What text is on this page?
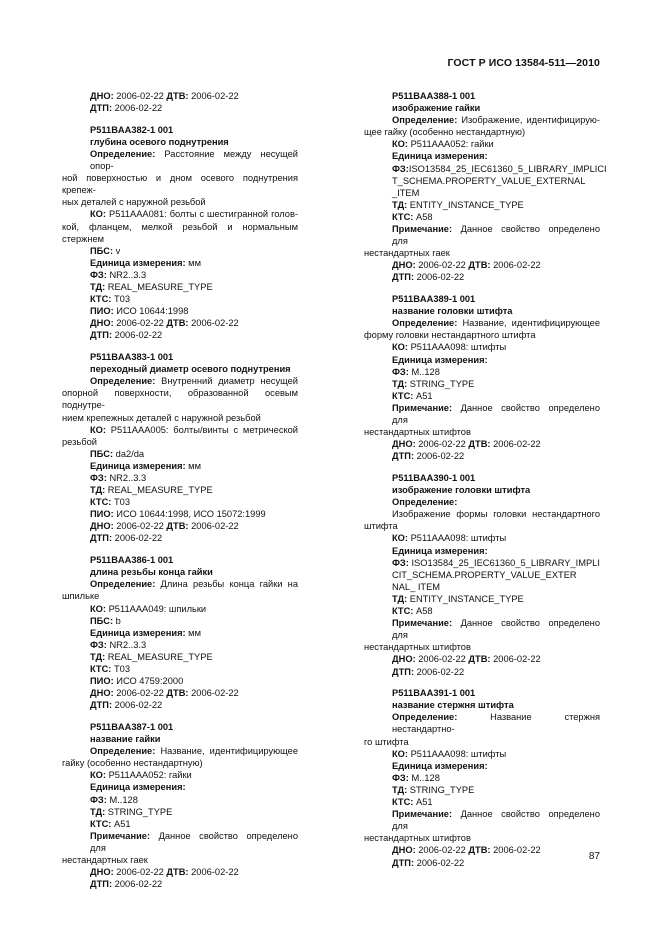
ГОСТ Р ИСО 13584-511—2010
ДНО: 2006-02-22 ДТВ: 2006-02-22
ДТП: 2006-02-22
P511BAA382-1 001
глубина осевого поднутрения
Определение: Расстояние между несущей опор-
ной поверхностью и дном осевого поднутрения крепеж-
ных деталей с наружной резьбой
КО: P511AAA081: болты с шестигранной голов-
кой, фланцем, мелкой резьбой и нормальным стержнем
ПБС: v
Единица измерения: мм
ФЗ: NR2..3.3
ТД: REAL_MEASURE_TYPE
КТС: T03
ПИО: ИСО 10644:1998
ДНО: 2006-02-22 ДТВ: 2006-02-22
ДТП: 2006-02-22
P511BAA383-1 001
переходный диаметр осевого поднутрения
Определение: Внутренний диаметр несущей
опорной поверхности, образованной осевым поднутре-
нием крепежных деталей с наружной резьбой
КО: P511AAA005: болты/винты с метрической
резьбой
ПБС: da2/da
Единица измерения: мм
ФЗ: NR2..3.3
ТД: REAL_MEASURE_TYPE
КТС: T03
ПИО: ИСО 10644:1998, ИСО 15072:1999
ДНО: 2006-02-22 ДТВ: 2006-02-22
ДТП: 2006-02-22
P511BAA386-1 001
длина резьбы конца гайки
Определение: Длина резьбы конца гайки на
шпильке
КО: P511AAA049: шпильки
ПБС: b
Единица измерения: мм
ФЗ: NR2..3.3
ТД: REAL_MEASURE_TYPE
КТС: T03
ПИО: ИСО 4759:2000
ДНО: 2006-02-22 ДТВ: 2006-02-22
ДТП: 2006-02-22
P511BAA387-1 001
название гайки
Определение: Название, идентифицирующее
гайку (особенно нестандартную)
КО: P511AAA052: гайки
Единица измерения:
ФЗ: M..128
ТД: STRING_TYPE
КТС: A51
Примечание: Данное свойство определено для
нестандартных гаек
ДНО: 2006-02-22 ДТВ: 2006-02-22
ДТП: 2006-02-22
P511BAA388-1 001
изображение гайки
Определение: Изображение, идентифицирую-
щее гайку (особенно нестандартную)
КО: P511AAA052: гайки
Единица измерения:
ФЗ:ISO13584_25_IEC61360_5_LIBRARY_IMPLICI
T_SCHEMA.PROPERTY_VALUE_EXTERNAL
_ITEM
ТД: ENTITY_INSTANCE_TYPE
КТС: A58
Примечание: Данное свойство определено для
нестандартных гаек
ДНО: 2006-02-22 ДТВ: 2006-02-22
ДТП: 2006-02-22
P511BAA389-1 001
название головки штифта
Определение: Название, идентифицирующее
форму головки нестандартного штифта
КО: P511AAA098: штифты
Единица измерения:
ФЗ: M..128
ТД: STRING_TYPE
КТС: A51
Примечание: Данное свойство определено для
нестандартных штифтов
ДНО: 2006-02-22 ДТВ: 2006-02-22
ДТП: 2006-02-22
P511BAA390-1 001
изображение головки штифта
Определение:
Изображение формы головки нестандартного
штифта
КО: P511AAA098: штифты
Единица измерения:
ФЗ: ISO13584_25_IEC61360_5_LIBRARY_IMPLI
CIT_SCHEMA.PROPERTY_VALUE_EXTER
NAL_ ITEM
ТД: ENTITY_INSTANCE_TYPE
КТС: A58
Примечание: Данное свойство определено для
нестандартных штифтов
ДНО: 2006-02-22 ДТВ: 2006-02-22
ДТП: 2006-02-22
P511BAA391-1 001
название стержня штифта
Определение: Название стержня нестандартно-
го штифта
КО: P511AAA098: штифты
Единица измерения:
ФЗ: M..128
ТД: STRING_TYPE
КТС: A51
Примечание: Данное свойство определено для
нестандартных штифтов
ДНО: 2006-02-22 ДТВ: 2006-02-22
ДТП: 2006-02-22
87
